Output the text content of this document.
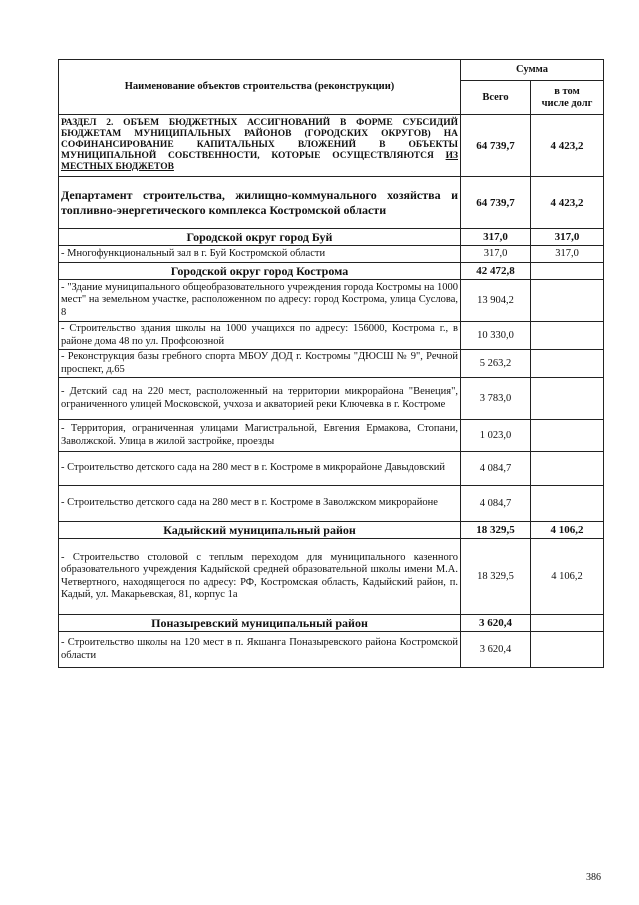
Наименование объектов строительства (реконструкции)	Сумма	
	Всего	в том
числе долг
РАЗДЕЛ 2. ОБЪЕМ БЮДЖЕТНЫХ АССИГНОВАНИЙ В ФОРМЕ СУБСИДИЙ БЮДЖЕТАМ МУНИЦИПАЛЬНЫХ РАЙОНОВ (ГОРОДСКИХ ОКРУГОВ) НА СОФИНАНСИРОВАНИЕ КАПИТАЛЬНЫХ ВЛОЖЕНИЙ В ОБЪЕКТЫ МУНИЦИПАЛЬНОЙ СОБСТВЕННОСТИ, КОТОРЫЕ ОСУЩЕСТВЛЯЮТСЯ ИЗ МЕСТНЫХ БЮДЖЕТОВ	64 739,7	4 423,2
Департамент строительства, жилищно-коммунального хозяйства и топливно-энергетического комплекса Костромской области	64 739,7	4 423,2
Городской округ город Буй	317,0	317,0
- Многофункциональный зал в г. Буй Костромской области	317,0	317,0
Городской округ город Кострома	42 472,8	
- "Здание муниципального общеобразовательного учреждения города Костромы на 1000 мест" на земельном участке, расположенном по адресу: город Кострома, улица Суслова, 8	13 904,2	
- Строительство здания школы на 1000 учащихся по адресу: 156000, Кострома г., в районе дома 48 по ул. Профсоюзной	10 330,0	
- Реконструкция базы гребного спорта МБОУ ДОД г. Костромы "ДЮСШ № 9", Речной проспект, д.65	5 263,2	
- Детский сад на 220 мест, расположенный на территории микрорайона "Венеция", ограниченного улицей Московской, учхоза и акваторией реки Ключевка в г. Костроме	3 783,0	
- Территория, ограниченная улицами Магистральной, Евгения Ермакова, Стопани, Заволжской. Улица в жилой застройке, проезды	1 023,0	
- Строительство детского сада на 280 мест в г. Костроме в микрорайоне Давыдовский	4 084,7	
- Строительство детского сада на 280 мест в г. Костроме в Заволжском микрорайоне	4 084,7	
Кадыйский муниципальный район	18 329,5	4 106,2
- Строительство столовой с теплым переходом для муниципального казенного образовательного учреждения Кадыйской средней образовательной школы имени М.А. Четвертного, находящегося по адресу: РФ, Костромская область, Кадыйский район, п. Кадый, ул. Макарьевская, 81, корпус 1а	18 329,5	4 106,2
Поназыревский муниципальный район	3 620,4	
- Строительство школы на 120 мест в п. Якшанга Поназыревского района Костромской области	3 620,4	
386
